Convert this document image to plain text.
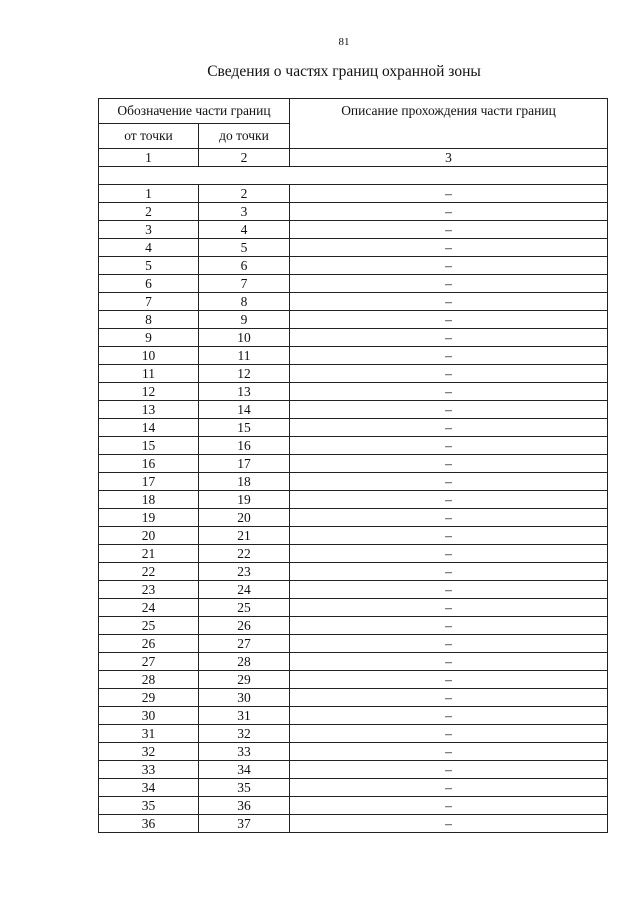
81
Сведения о частях границ охранной зоны
Обозначение части границ		Описание прохождения части границ
от точки	до точки	
1	2	3

1	2	–
2	3	–
3	4	–
4	5	–
5	6	–
6	7	–
7	8	–
8	9	–
9	10	–
10	11	–
11	12	–
12	13	–
13	14	–
14	15	–
15	16	–
16	17	–
17	18	–
18	19	–
19	20	–
20	21	–
21	22	–
22	23	–
23	24	–
24	25	–
25	26	–
26	27	–
27	28	–
28	29	–
29	30	–
30	31	–
31	32	–
32	33	–
33	34	–
34	35	–
35	36	–
36	37	–
